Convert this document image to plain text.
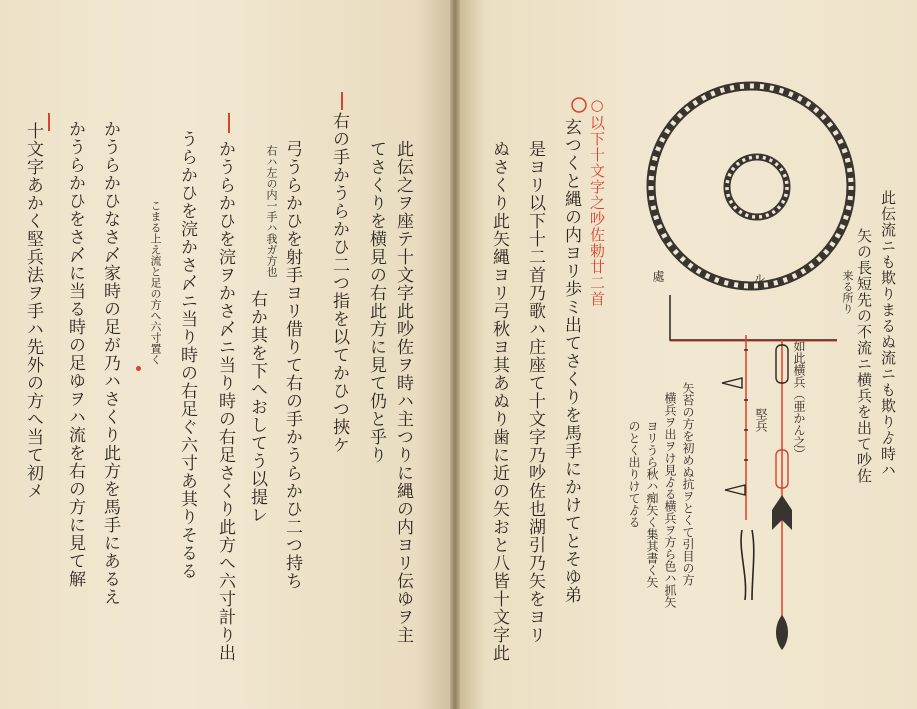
此伝之ヲ座テ十文字此吵佐ヲ時ハ主つりに縄の内ヨリ伝ゆヲ主
てさくりを横見の右此方に見て仍と乎り
右の手かうらかひ二つ指を以てかひつ挾ケ
弓うらかひを射手ヨリ借りて右の手かうらかひ二つ持ち
右ハ左の内一手ハ我ガ方也
右か其を下へおしてう以提レ
かうらかひを浣ヲかさ〆ニ当り時の右足さくり此方へ六寸計り出
うらかひを浣かさ〆ニ当り時の右足ぐ六寸あ其りそるる
こまる上え流と足の方へ六寸置く
かうらかひなさ〆家時の足が乃ハさくり此方を馬手にあるえ
かうらかひをさ〆に当る時の足ゆヲハ流を右の方に見て解
十文字あかく堅兵法ヲ手ハ先外の方へ当て初メ	○以下十文字之吵佐勅廿二首
玄つくと縄の内ヨリ歩ミ出てさくりを馬手にかけてとそゆ弟
是ヨリ以下十二首乃歌ハ庄座て十文字乃吵佐也湖引乃矢をヨリ
ぬさくり此矢縄ヨリ弓秋ヨ其あぬり歯に近の矢おと八皆十文字此	此伝流ニも欺りまるぬ流ニも欺りゟ時ハ
矢の長短先の不流ニ横兵を出て吵佐
来る所り
矢苔の方を初めぬ抗ヲとくて引目の方
横兵ヲ出ヲけ見ゟる横兵ヲ方ら色ハ抓矢
ヨリうら秋ハ痴矢く集其書く矢
のとく出りけてゟる
如此横兵（亜かん之）
堅兵
處	ル
